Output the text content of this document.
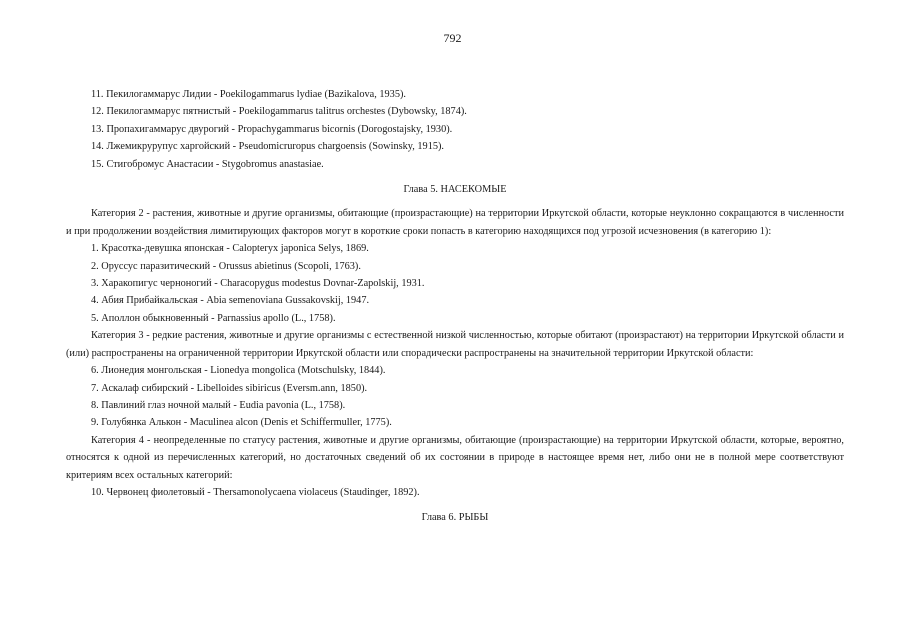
792

11. Пекилогаммарус Лидии - Poekilogammarus lydiae (Bazikalova, 1935).

12. Пекилогаммарус пятнистый - Poekilogammarus talitrus orchestes (Dybowsky, 1874).

13. Пропахигаммарус двурогий - Propachygammarus bicornis (Dorogostajsky, 1930).

14. Лжемикрурупус харгойский - Pseudomicruropus chargoensis (Sowinsky, 1915).

15. Стигобромус Анастасии - Stygobromus anastasiae.

Глава 5. НАСЕКОМЫЕ

Категория 2 - растения, животные и другие организмы, обитающие (произрастающие) на территории Иркутской области, которые неуклонно сокращаются в численности и при продолжении воздействия лимитирующих факторов могут в короткие сроки попасть в категорию находящихся под угрозой исчезновения (в категорию 1):

1. Красотка-девушка японская - Calopteryx japonica Selys, 1869.

2. Оруссус паразитический - Orussus abietinus (Scopoli, 1763).

3. Харакопигус черноногий - Characopygus modestus Dovnar-Zapolskij, 1931.

4. Абия Прибайкальская - Abia semenoviana Gussakovskij, 1947.

5. Аполлон обыкновенный - Parnassius apollo (L., 1758).

Категория 3 - редкие растения, животные и другие организмы с естественной низкой численностью, которые обитают (произрастают) на территории Иркутской области и (или) распространены на ограниченной территории Иркутской области или спорадически распространены на значительной территории Иркутской области:

6. Лионедия монгольская - Lionedya mongolica (Motschulsky, 1844).

7. Аскалаф сибирский - Libelloides sibiricus (Eversm.ann, 1850).

8. Павлиний глаз ночной малый - Eudia pavonia (L., 1758).

9. Голубянка Алькон - Maculinea alcon (Denis et Schiffermuller, 1775).

Категория 4 - неопределенные по статусу растения, животные и другие организмы, обитающие (произрастающие) на территории Иркутской области, которые, вероятно, относятся к одной из перечисленных категорий, но достаточных сведений об их состоянии в природе в настоящее время нет, либо они не в полной мере соответствуют критериям всех остальных категорий:

10. Червонец фиолетовый - Thersamonolycaena violaceus (Staudinger, 1892).

Глава 6. РЫБЫ
